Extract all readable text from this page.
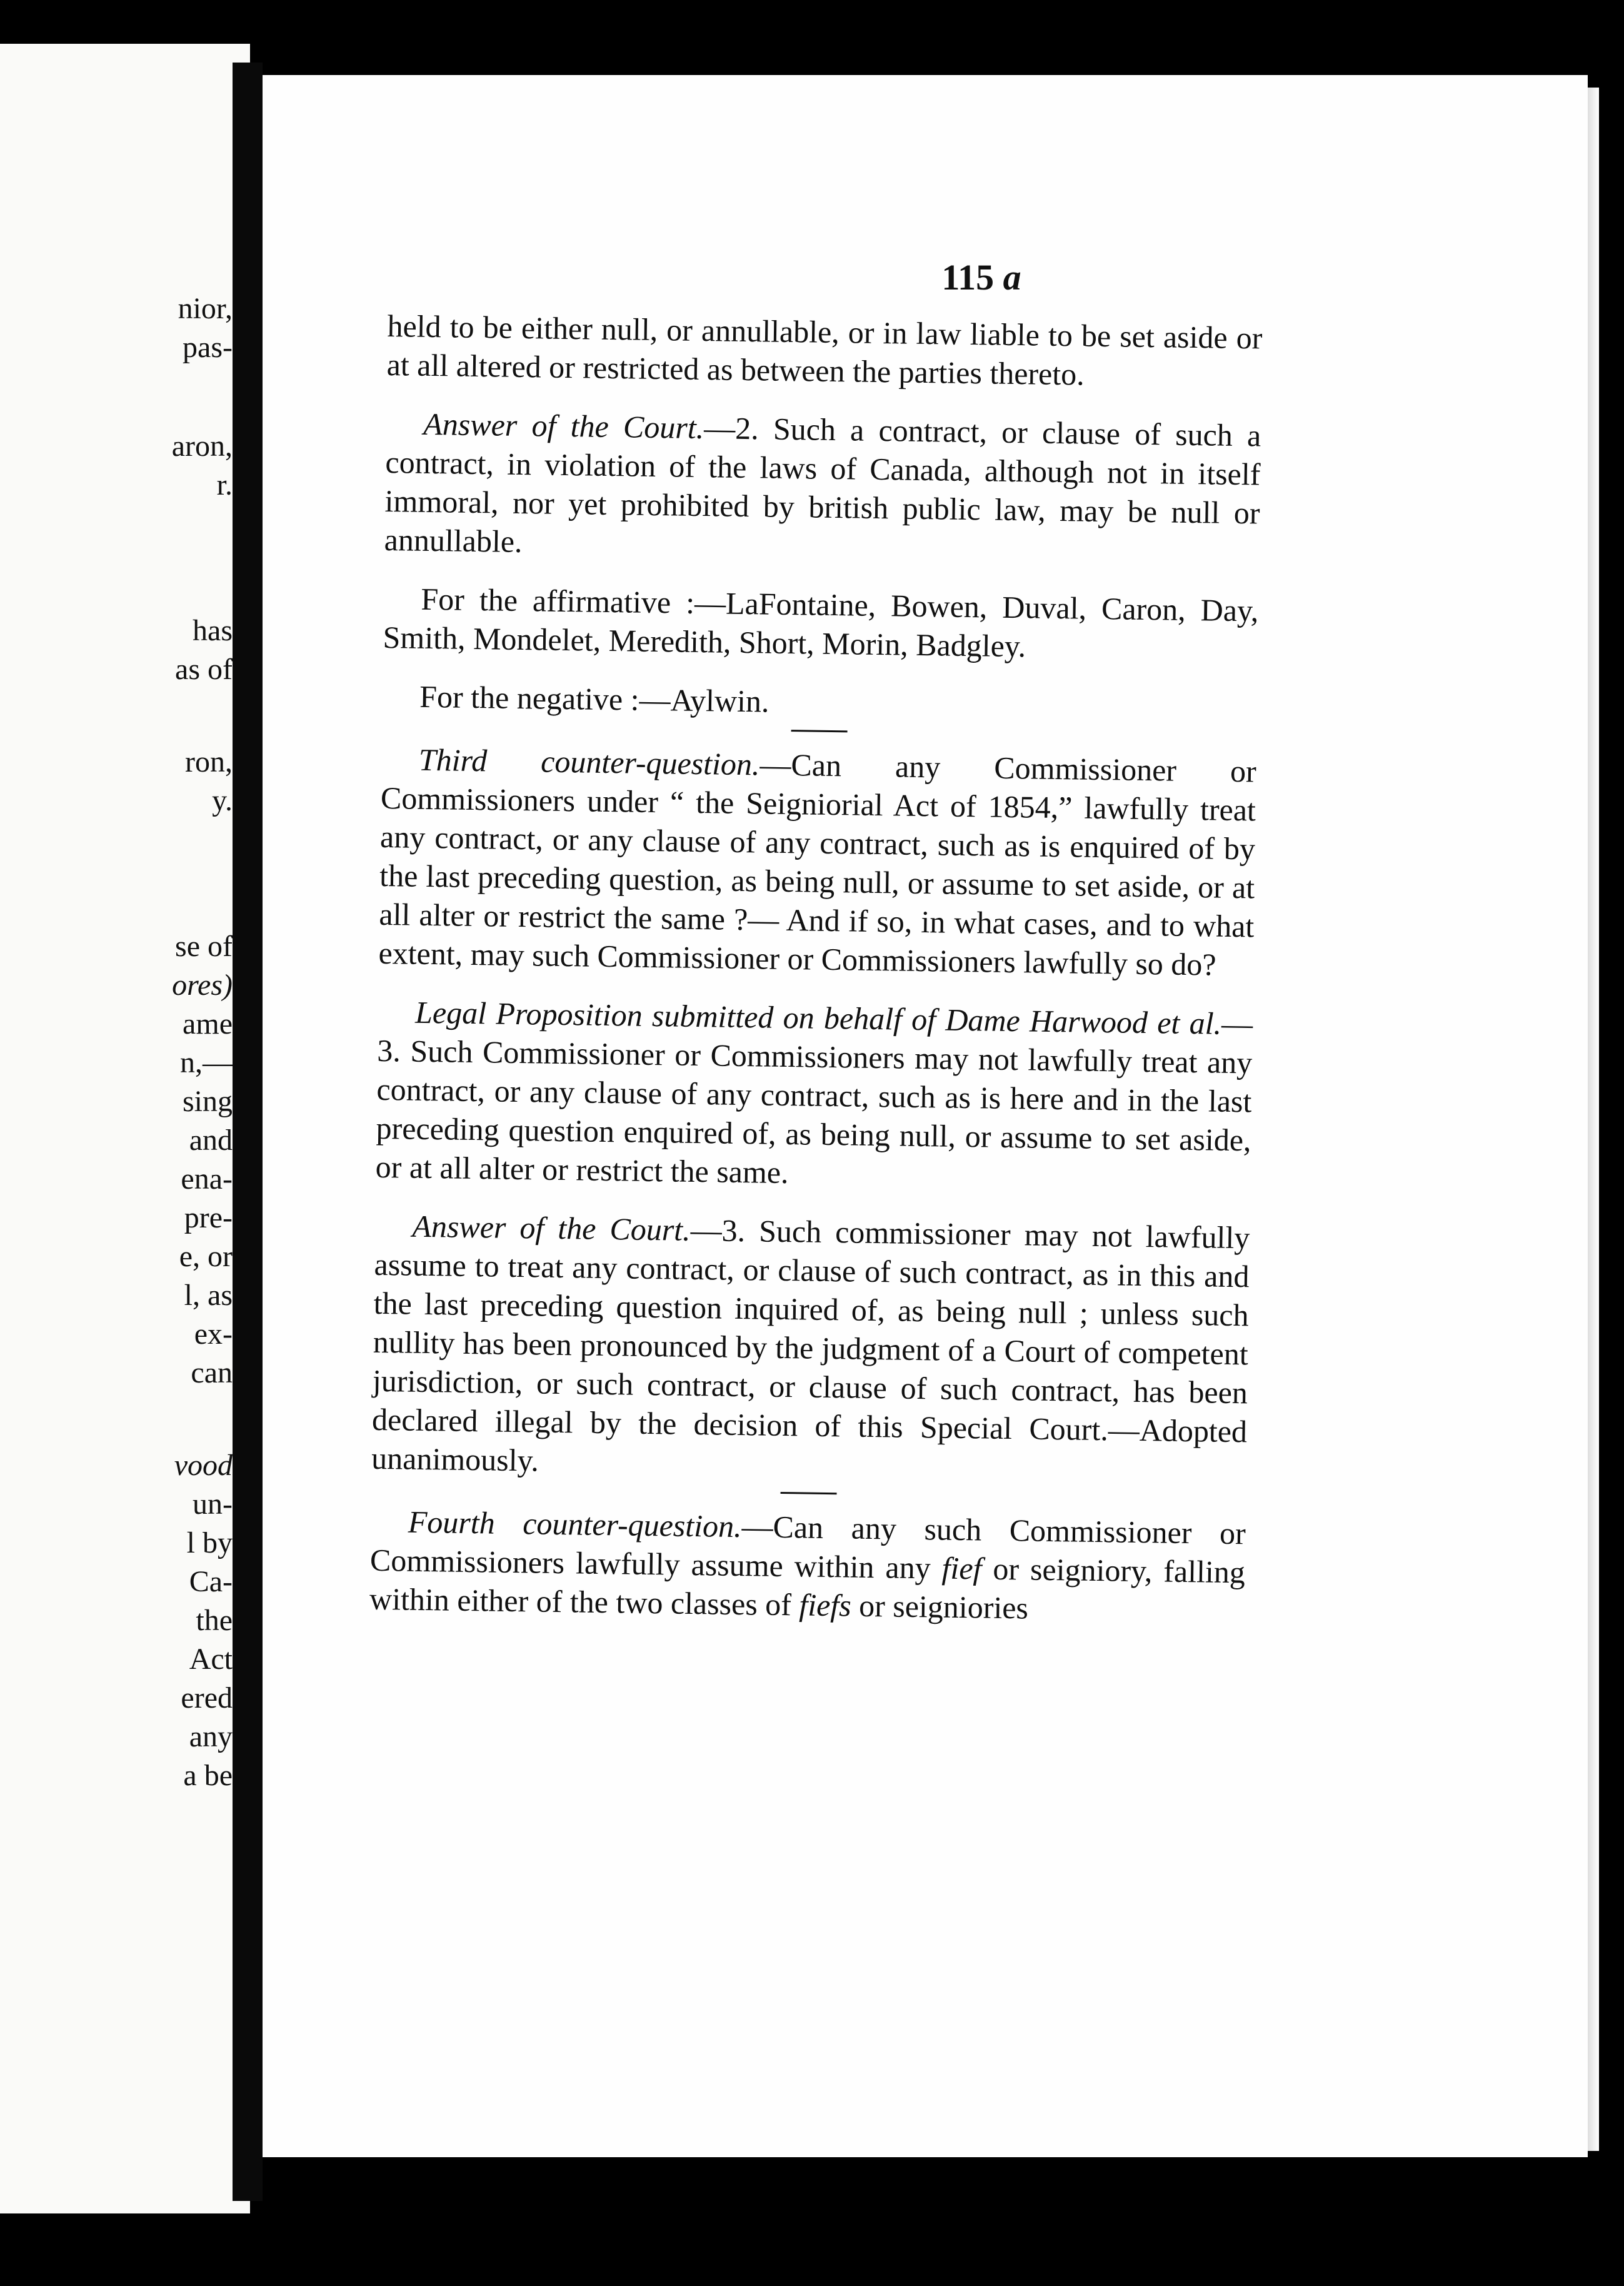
nior,
pas-
aron,
r.
has
as of
ron,
y.
se of
ores)
ame
n,—
sing
and
ena-
pre-
e, or
l, as
ex-
can
vood
un-
l by
Ca-
the
Act
ered
any
a be
115 a

held to be either null, or annullable, or in law liable to be set aside or at all altered or restricted as between the parties thereto.

Answer of the Court.—2. Such a contract, or clause of such a contract, in violation of the laws of Canada, although not in itself immoral, nor yet prohibited by british public law, may be null or annullable.

For the affirmative :—LaFontaine, Bowen, Duval, Caron, Day, Smith, Mondelet, Meredith, Short, Morin, Badgley.

For the negative :—Aylwin.

Third counter-question.—Can any Commissioner or Commissioners under “ the Seigniorial Act of 1854,” lawfully treat any contract, or any clause of any contract, such as is enquired of by the last preceding question, as being null, or assume to set aside, or at all alter or restrict the same ?— And if so, in what cases, and to what extent, may such Commissioner or Commissioners lawfully so do?

Legal Proposition submitted on behalf of Dame Harwood et al.—3. Such Commissioner or Commissioners may not lawfully treat any contract, or any clause of any contract, such as is here and in the last preceding question enquired of, as being null, or assume to set aside, or at all alter or restrict the same.

Answer of the Court.—3. Such commissioner may not lawfully assume to treat any contract, or clause of such contract, as in this and the last preceding question inquired of, as being null ; unless such nullity has been pronounced by the judgment of a Court of competent jurisdiction, or such contract, or clause of such contract, has been declared illegal by the decision of this Special Court.—Adopted unanimously.

Fourth counter-question.—Can any such Commissioner or Commissioners lawfully assume within any fief or seigniory, falling within either of the two classes of fiefs or seigniories
